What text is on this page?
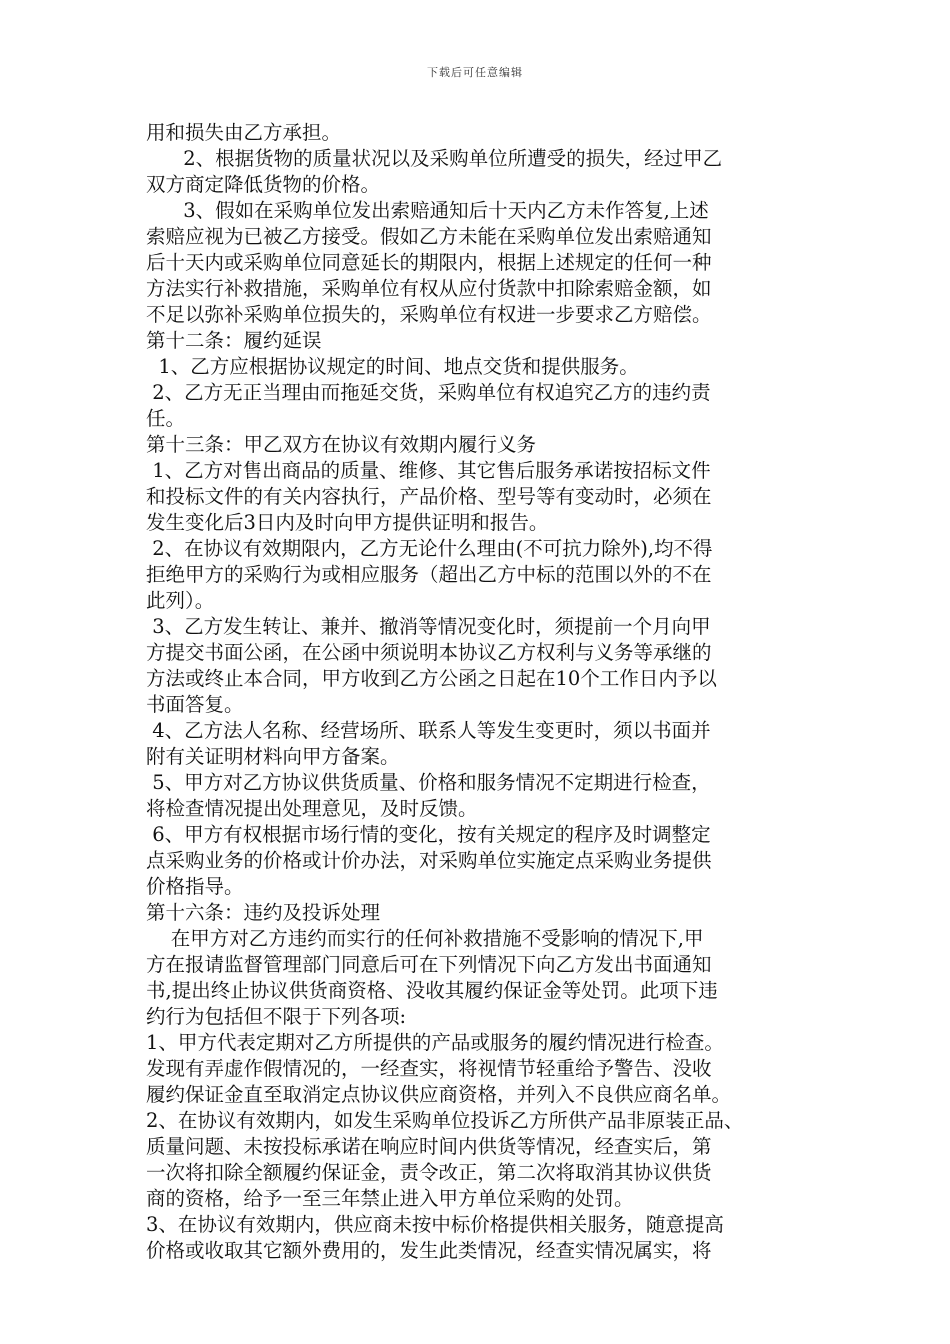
下载后可任意编辑
用和损失由乙方承担。
2、根据货物的质量状况以及采购单位所遭受的损失，经过甲乙
双方商定降低货物的价格。
3、假如在采购单位发出索赔通知后十天内乙方未作答复,上述
索赔应视为已被乙方接受。假如乙方未能在采购单位发出索赔通知
后十天内或采购单位同意延长的期限内，根据上述规定的任何一种
方法实行补救措施，采购单位有权从应付货款中扣除索赔金额，如
不足以弥补采购单位损失的，采购单位有权进一步要求乙方赔偿。
第十二条：履约延误
1、乙方应根据协议规定的时间、地点交货和提供服务。
2、乙方无正当理由而拖延交货，采购单位有权追究乙方的违约责
任。
第十三条：甲乙双方在协议有效期内履行义务
1、乙方对售出商品的质量、维修、其它售后服务承诺按招标文件
和投标文件的有关内容执行，产品价格、型号等有变动时，必须在
发生变化后3日内及时向甲方提供证明和报告。
2、在协议有效期限内，乙方无论什么理由(不可抗力除外),均不得
拒绝甲方的采购行为或相应服务（超出乙方中标的范围以外的不在
此列）。
3、乙方发生转让、兼并、撤消等情况变化时，须提前一个月向甲
方提交书面公函，在公函中须说明本协议乙方权利与义务等承继的
方法或终止本合同，甲方收到乙方公函之日起在10个工作日内予以
书面答复。
4、乙方法人名称、经营场所、联系人等发生变更时，须以书面并
附有关证明材料向甲方备案。
5、甲方对乙方协议供货质量、价格和服务情况不定期进行检查，
将检查情况提出处理意见，及时反馈。
6、甲方有权根据市场行情的变化，按有关规定的程序及时调整定
点采购业务的价格或计价办法，对采购单位实施定点采购业务提供
价格指导。
第十六条：违约及投诉处理
在甲方对乙方违约而实行的任何补救措施不受影响的情况下,甲
方在报请监督管理部门同意后可在下列情况下向乙方发出书面通知
书,提出终止协议供货商资格、没收其履约保证金等处罚。此项下违
约行为包括但不限于下列各项:
1、甲方代表定期对乙方所提供的产品或服务的履约情况进行检查。
发现有弄虚作假情况的，一经查实，将视情节轻重给予警告、没收
履约保证金直至取消定点协议供应商资格，并列入不良供应商名单。
2、在协议有效期内，如发生采购单位投诉乙方所供产品非原装正品、
质量问题、未按投标承诺在响应时间内供货等情况，经查实后，第
一次将扣除全额履约保证金，责令改正，第二次将取消其协议供货
商的资格，给予一至三年禁止进入甲方单位采购的处罚。
3、在协议有效期内，供应商未按中标价格提供相关服务，随意提高
价格或收取其它额外费用的，发生此类情况，经查实情况属实，将
